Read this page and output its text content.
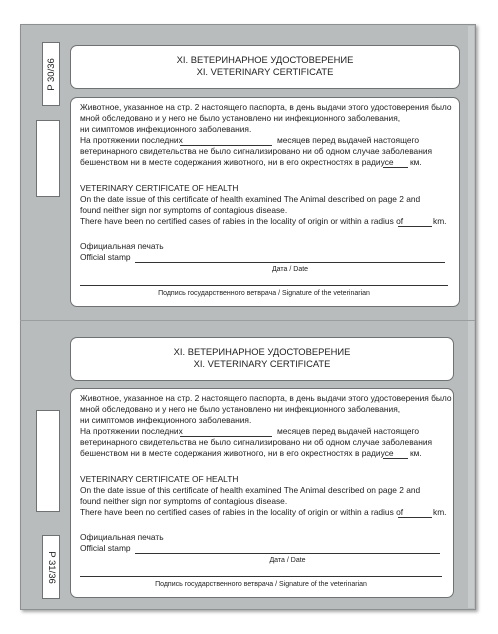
P 30/36	XI. ВЕТЕРИНАРНОЕ УДОСТОВЕРЕНИЕ
XI. VETERINARY CERTIFICATE
Животное, указанное на стр. 2 настоящего паспорта, в день выдачи этого удостоверения было
мной обследовано и у него не было установлено ни инфекционного заболевания,
ни симптомов инфекционного заболевания.
На протяжении последних	месяцев перед выдачей настоящего
ветеринарного свидетельства не было сигнализировано ни об одном случае заболевания
бешенством ни в месте содержания животного, ни в его окрестностях в радиусе км.
VETERINARY CERTIFICATE OF HEALTH
On the date issue of this certificate of health examined The Animal described on page 2 and
found neither sign nor symptoms of contagious disease.
There have been no certified cases of rabies in the locality of origin or within a radius of	km.
Официальная печать
Official stamp
Дата / Date
Подпись государственного ветврача / Signature of the veterinarian
XI. ВЕТЕРИНАРНОЕ УДОСТОВЕРЕНИЕ
XI. VETERINARY CERTIFICATE
P 31/36
Животное, указанное на стр. 2 настоящего паспорта, в день выдачи этого удостоверения было
мной обследовано и у него не было установлено ни инфекционного заболевания,
ни симптомов инфекционного заболевания.
На протяжении последних	месяцев перед выдачей настоящего
ветеринарного свидетельства не было сигнализировано ни об одном случае заболевания
бешенством ни в месте содержания животного, ни в его окрестностях в радиусе км.
VETERINARY CERTIFICATE OF HEALTH
On the date issue of this certificate of health examined The Animal described on page 2 and
found neither sign nor symptoms of contagious disease.
There have been no certified cases of rabies in the locality of origin or within a radius of	km.
Официальная печать
Official stamp
Дата / Date
Подпись государственного ветврача / Signature of the veterinarian
